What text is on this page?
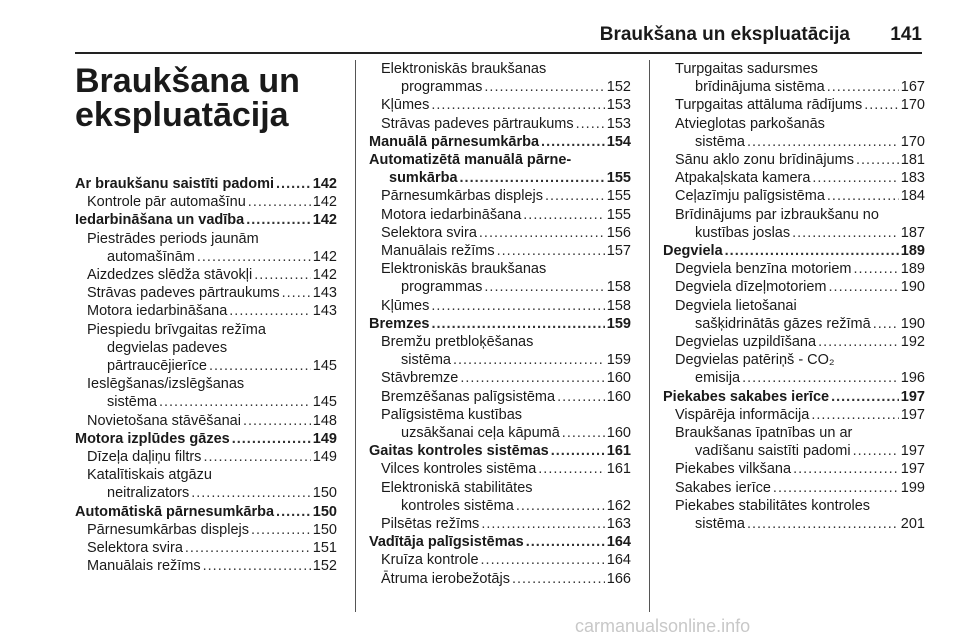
Braukšana un ekspluatācija 141
Braukšana un
ekspluatācija
Ar braukšanu saistīti padomi .....	142
Kontrole pār automašīnu .....	142
Iedarbināšana un vadība .....	142
Piestrādes periods jaunām
automašīnām .....	142
Aizdedzes slēdža stāvokļi .....	142
Strāvas padeves pārtraukums ..... 143
Motora iedarbināšana .....	143
Piespiedu brīvgaitas režīma
degvielas padeves
pārtraucējierīce .....	145
Ieslēgšanas/izslēgšanas
sistēma .....	145
Novietošana stāvēšanai .....	148
Motora izplūdes gāzes .....	149
Dīzeļa daļiņu filtrs .....	149
Katalītiskais atgāzu
neitralizators .....	150
Automātiskā pārnesumkārba .....	150
Pārnesumkārbas displejs .....	150
Selektora svira .....	151
Manuālais režīms .....	152
Elektroniskās braukšanas
programmas .....	152
Kļūmes .....	153
Strāvas padeves pārtraukums ..... 153
Manuālā pārnesumkārba .....	154
Automatizētā manuālā pārne-
sumkārba .....	155
Pārnesumkārbas displejs .....	155
Motora iedarbināšana .....	155
Selektora svira .....	156
Manuālais režīms .....	157
Elektroniskās braukšanas
programmas .....	158
Kļūmes .....	158
Bremzes .....	159
Bremžu pretbloķēšanas
sistēma .....	159
Stāvbremze .....	160
Bremzēšanas palīgsistēma .....	160
Palīgsistēma kustības
uzsākšanai ceļa kāpumā .....	160
Gaitas kontroles sistēmas .....	161
Vilces kontroles sistēma .....	161
Elektroniskā stabilitātes
kontroles sistēma .....	162
Pilsētas režīms .....	163
Vadītāja palīgsistēmas .....	164
Kruīza kontrole .....	164
Ātruma ierobežotājs .....	166
Turpgaitas sadursmes
brīdinājuma sistēma .....	167
Turpgaitas attāluma rādījums .....	170
Atvieglotas parkošanās
sistēma .....	170
Sānu aklo zonu brīdinājums .....	181
Atpakaļskata kamera .....	183
Ceļazīmju palīgsistēma .....	184
Brīdinājums par izbraukšanu no
kustības joslas .....	187
Degviela .....	189
Degviela benzīna motoriem .....	189
Degviela dīzeļmotoriem .....	190
Degviela lietošanai
sašķidrinātās gāzes režīmā ..... 190
Degvielas uzpildīšana .....	192
Degvielas patēriņš - CO₂
emisija .....	196
Piekabes sakabes ierīce .....	197
Vispārēja informācija .....	197
Braukšanas īpatnības un ar
vadīšanu saistīti padomi .....	197
Piekabes vilkšana .....	197
Sakabes ierīce .....	199
Piekabes stabilitātes kontroles
sistēma .....	201
carmanualsonline.info
